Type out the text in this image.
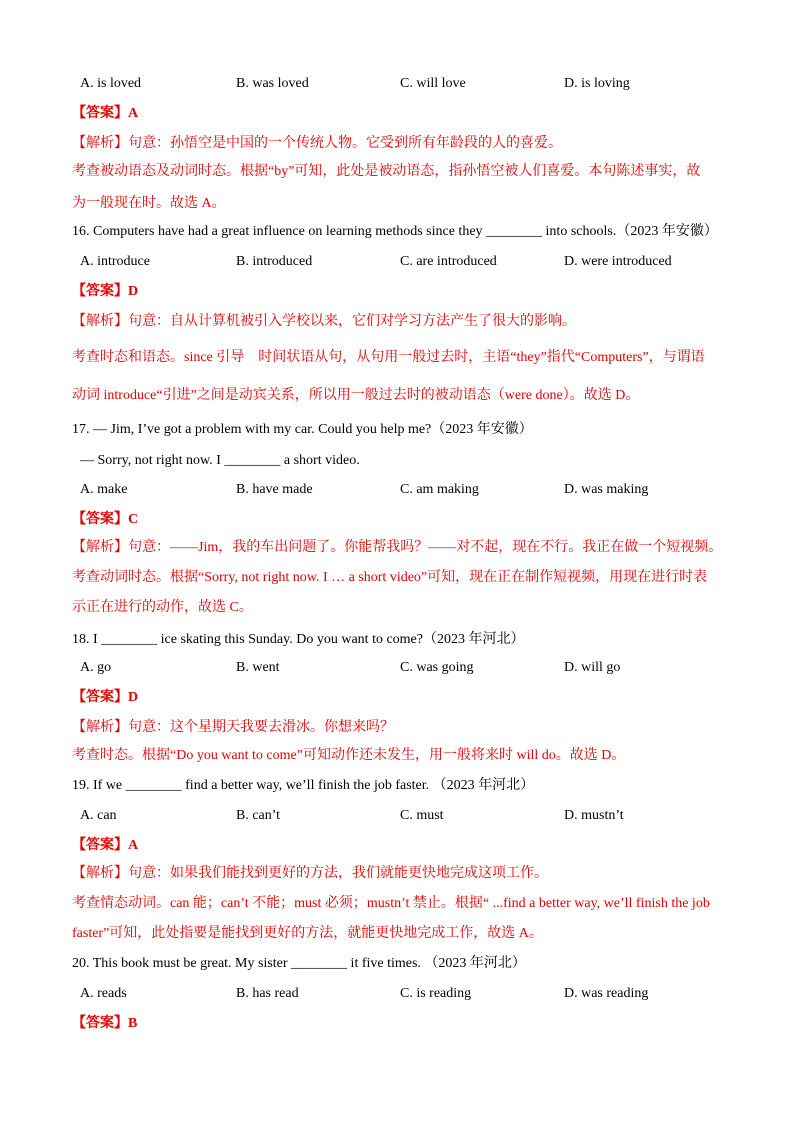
A. is loved	B. was loved	C. will love	D. is loving
【答案】A
【解析】句意：孙悟空是中国的一个传统人物。它受到所有年龄段的人的喜爱。
考查被动语态及动词时态。根据“by”可知，此处是被动语态，指孙悟空被人们喜爱。本句陈述事实，故
为一般现在时。故选 A。
16. Computers have had a great influence on learning methods since they ________ into schools.（2023 年安徽）
A. introduce	B. introduced	C. are introduced	D. were introduced
【答案】D
【解析】句意：自从计算机被引入学校以来，它们对学习方法产生了很大的影响。
考查时态和语态。since 引导　时间状语从句，从句用一般过去时，主语“they”指代“Computers”，与谓语
动词 introduce“引进”之间是动宾关系，所以用一般过去时的被动语态（were done）。故选 D。
17. — Jim, I’ve got a problem with my car. Could you help me?（2023 年安徽）
— Sorry, not right now. I ________ a short video.
A. make	B. have made	C. am making	D. was making
【答案】C
【解析】句意：——Jim，我的车出问题了。你能帮我吗？——对不起，现在不行。我正在做一个短视频。
考查动词时态。根据“Sorry, not right now. I … a short video”可知，现在正在制作短视频，用现在进行时表
示正在进行的动作，故选 C。
18. I ________ ice skating this Sunday. Do you want to come?（2023 年河北）
A. go	B. went	C. was going	D. will go
【答案】D
【解析】句意：这个星期天我要去滑冰。你想来吗？
考查时态。根据“Do you want to come”可知动作还未发生，用一般将来时 will do。故选 D。
19. If we ________ find a better way, we’ll finish the job faster. （2023 年河北）
A. can	B. can’t	C. must	D. mustn’t
【答案】A
【解析】句意：如果我们能找到更好的方法，我们就能更快地完成这项工作。
考查情态动词。can 能；can’t 不能；must 必须；mustn’t 禁止。根据“ ...find a better way, we’ll finish the job
faster”可知，此处指要是能找到更好的方法，就能更快地完成工作，故选 A。
20. This book must be great. My sister ________ it five times. （2023 年河北）
A. reads	B. has read	C. is reading	D. was reading
【答案】B
